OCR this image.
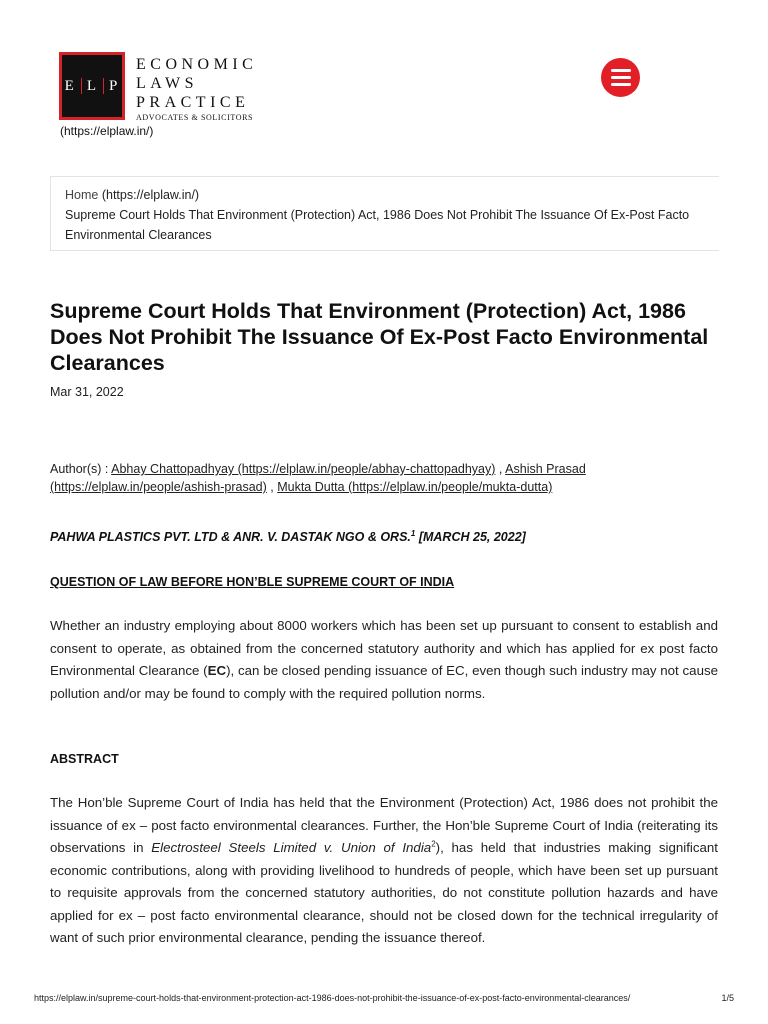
E L P
ECONOMIC
LAWS
PRACTICE
ADVOCATES & SOLICITORS
(https://elplaw.in/)
Home (https://elplaw.in/)
Supreme Court Holds That Environment (Protection) Act, 1986 Does Not Prohibit The Issuance Of Ex-Post Facto Environmental Clearances
Supreme Court Holds That Environment (Protection) Act, 1986 Does Not Prohibit The Issuance Of Ex-Post Facto Environmental Clearances
Mar 31, 2022
Author(s) : Abhay Chattopadhyay (https://elplaw.in/people/abhay-chattopadhyay) , Ashish Prasad (https://elplaw.in/people/ashish-prasad) , Mukta Dutta (https://elplaw.in/people/mukta-dutta)
PAHWA PLASTICS PVT. LTD & ANR. V. DASTAK NGO & ORS.$^1$ [MARCH 25, 2022]
QUESTION OF LAW BEFORE HON’BLE SUPREME COURT OF INDIA

Whether an industry employing about 8000 workers which has been set up pursuant to consent to establish and consent to operate, as obtained from the concerned statutory authority and which has applied for ex post facto Environmental Clearance (EC), can be closed pending issuance of EC, even though such industry may not cause pollution and/or may be found to comply with the required pollution norms.

ABSTRACT

The Hon’ble Supreme Court of India has held that the Environment (Protection) Act, 1986 does not prohibit the issuance of ex – post facto environmental clearances. Further, the Hon’ble Supreme Court of India (reiterating its observations in Electrosteel Steels Limited v. Union of India$^2$), has held that industries making significant economic contributions, along with providing livelihood to hundreds of people, which have been set up pursuant to requisite approvals from the concerned statutory authorities, do not constitute pollution hazards and have applied for ex – post facto environmental clearance, should not be closed down for the technical irregularity of want of such prior environmental clearance, pending the issuance thereof.

https://elplaw.in/supreme-court-holds-that-environment-protection-act-1986-does-not-prohibit-the-issuance-of-ex-post-facto-environmental-clearances/	1/5
